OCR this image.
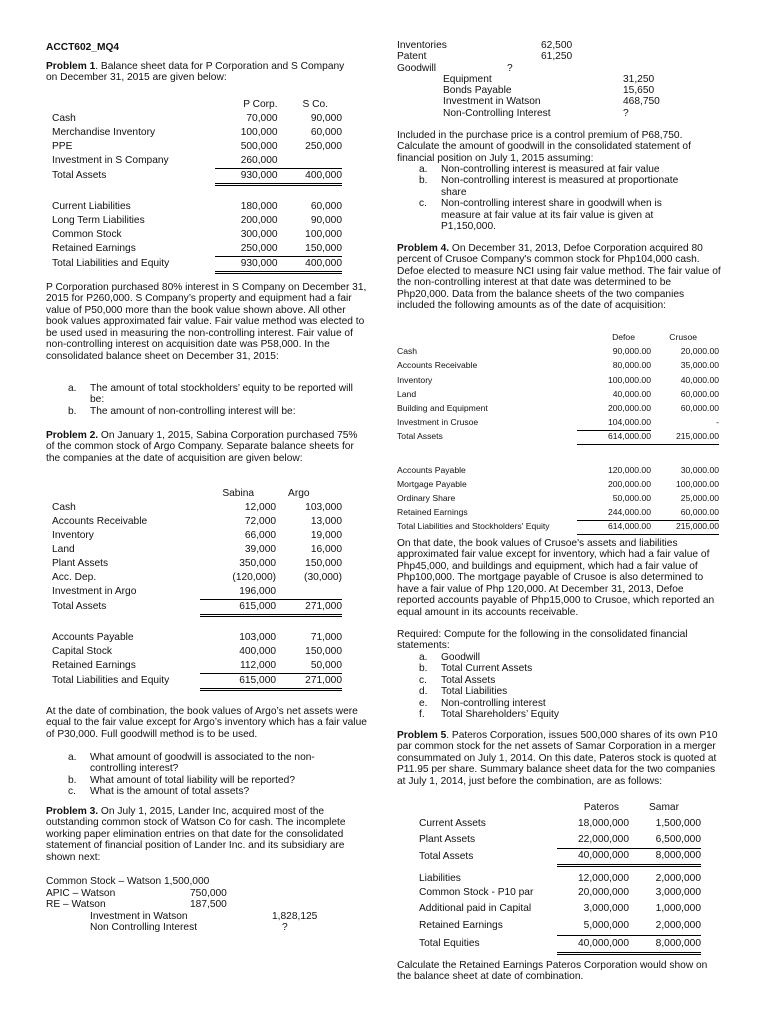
ACCT602_MQ4

Problem 1. Balance sheet data for P Corporation and S Company on December 31, 2015 are given below:

	P Corp.	S Co.
Cash	70,000	90,000
Merchandise Inventory	100,000	60,000
PPE	500,000	250,000
Investment in S Company	260,000	
Total Assets	930,000	400,000

Current Liabilities	180,000	60,000
Long Term Liabilities	200,000	90,000
Common Stock	300,000	100,000
Retained Earnings	250,000	150,000
Total Liabilities and Equity	930,000	400,000

P Corporation purchased 80% interest in S Company on December 31, 2015 for P260,000. S Company’s property and equipment had a fair value of P50,000 more than the book value shown above. All other book values approximated fair value. Fair value method was elected to be used used in measuring the non-controlling interest. Fair value of non-controlling interest on acquisition date was P58,000. In the consolidated balance sheet on December 31, 2015:

a. The amount of total stockholders’ equity to be reported will be:
b. The amount of non-controlling interest will be:

Problem 2. On January 1, 2015, Sabina Corporation purchased 75% of the common stock of Argo Company. Separate balance sheets for the companies at the date of acquisition are given below:

	Sabina	Argo
Cash	12,000	103,000
Accounts Receivable	72,000	13,000
Inventory	66,000	19,000
Land	39,000	16,000
Plant Assets	350,000	150,000
Acc. Dep.	(120,000)	(30,000)
Investment in Argo	196,000	
Total Assets	615,000	271,000

Accounts Payable	103,000	71,000
Capital Stock	400,000	150,000
Retained Earnings	112,000	50,000
Total Liabilities and Equity	615,000	271,000

At the date of combination, the book values of Argo’s net assets were equal to the fair value except for Argo’s inventory which has a fair value of P30,000. Full goodwill method is to be used.

a. What amount of goodwill is associated to the non-controlling interest?
b. What amount of total liability will be reported?
c. What is the amount of total assets?

Problem 3. On July 1, 2015, Lander Inc, acquired most of the outstanding common stock of Watson Co for cash. The incomplete working paper elimination entries on that date for the consolidated statement of financial position of Lander Inc. and its subsidiary are shown next:

Common Stock – Watson 1,500,000
APIC – Watson	750,000
RE – Watson	187,500
Investment in Watson	1,828,125
Non Controlling Interest	?
Inventories	62,500
Patent	61,250
Goodwill	?
Equipment	31,250
Bonds Payable	15,650
Investment in Watson	468,750
Non-Controlling Interest	?

Included in the purchase price is a control premium of P68,750. Calculate the amount of goodwill in the consolidated statement of financial position on July 1, 2015 assuming:

a. Non-controlling interest is measured at fair value
b. Non-controlling interest is measured at proportionate share
c. Non-controlling interest share in goodwill when is measure at fair value at its fair value is given at P1,150,000.

Problem 4. On December 31, 2013, Defoe Corporation acquired 80 percent of Crusoe Company's common stock for Php104,000 cash. Defoe elected to measure NCI using fair value method. The fair value of the non-controlling interest at that date was determined to be Php20,000. Data from the balance sheets of the two companies included the following amounts as of the date of acquisition:

	Defoe	Crusoe
Cash	90,000.00	20,000.00
Accounts Receivable	80,000.00	35,000.00
Inventory	100,000.00	40,000.00
Land	40,000.00	60,000.00
Building and Equipment	200,000.00	60,000.00
Investment in Crusoe	104,000.00	-
Total Assets	614,000.00	215,000.00

Accounts Payable	120,000.00	30,000.00
Mortgage Payable	200,000.00	100,000.00
Ordinary Share	50,000.00	25,000.00
Retained Earnings	244,000.00	60,000.00
Total Liabilities and Stockholders' Equity	614,000.00	215,000.00

On that date, the book values of Crusoe's assets and liabilities approximated fair value except for inventory, which had a fair value of Php45,000, and buildings and equipment, which had a fair value of Php100,000. The mortgage payable of Crusoe is also determined to have a fair value of Php 120,000. At December 31, 2013, Defoe reported accounts payable of Php15,000 to Crusoe, which reported an equal amount in its accounts receivable.

Required: Compute for the following in the consolidated financial statements:

a. Goodwill
b. Total Current Assets
c. Total Assets
d. Total Liabilities
e. Non-controlling interest
f. Total Shareholders’ Equity

Problem 5. Pateros Corporation, issues 500,000 shares of its own P10 par common stock for the net assets of Samar Corporation in a merger consummated on July 1, 2014. On this date, Pateros stock is quoted at P11.95 per share. Summary balance sheet data for the two companies at July 1, 2014, just before the combination, are as follows:

	Pateros	Samar
Current Assets	18,000,000	1,500,000
Plant Assets	22,000,000	6,500,000
Total Assets	40,000,000	8,000,000
Liabilities	12,000,000	2,000,000
Common Stock - P10 par	20,000,000	3,000,000
Additional paid in Capital	3,000,000	1,000,000
Retained Earnings	5,000,000	2,000,000
Total Equities	40,000,000	8,000,000

Calculate the Retained Earnings Pateros Corporation would show on the balance sheet at date of combination.
